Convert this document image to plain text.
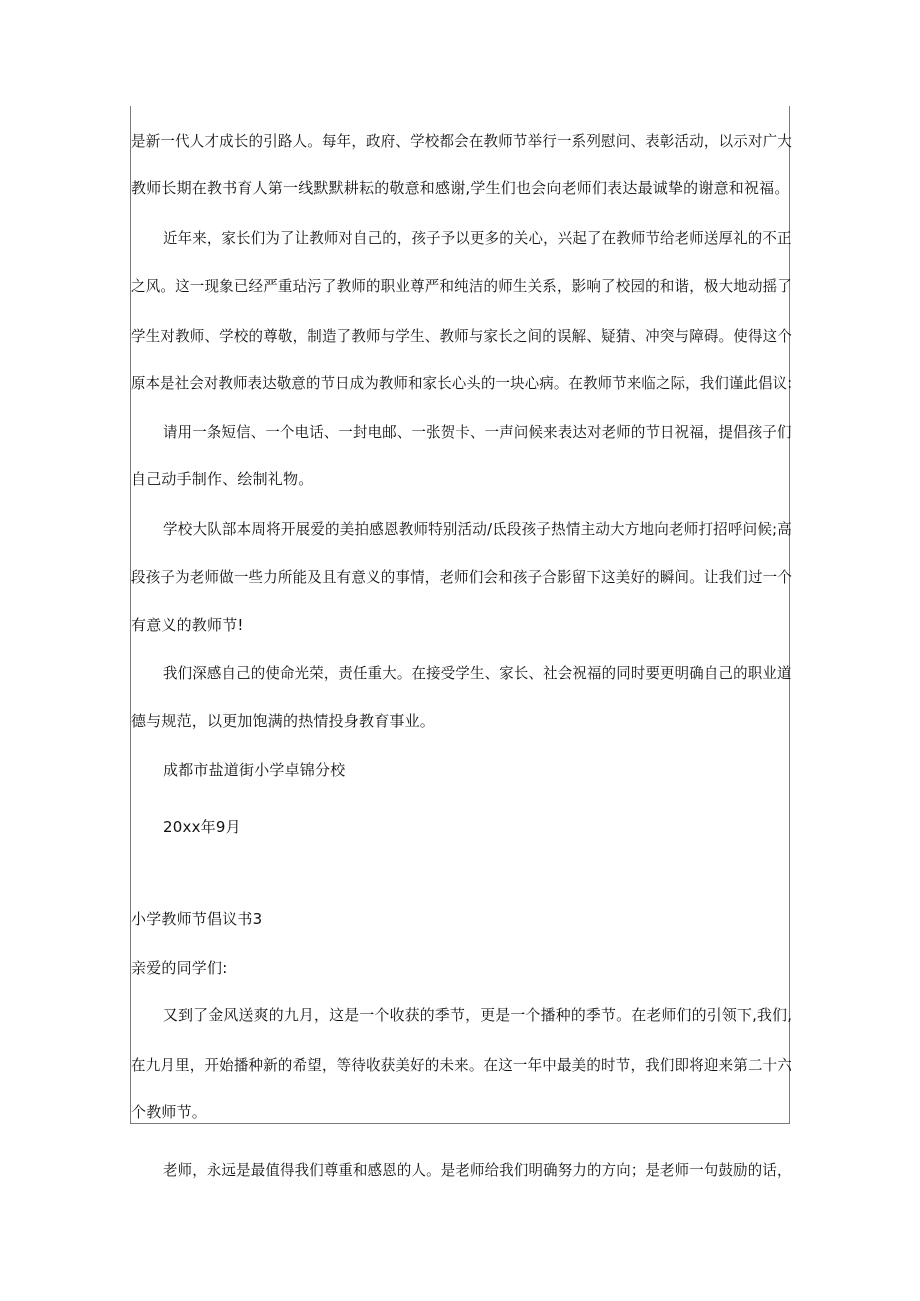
是新一代人才成长的引路人。每年，政府、学校都会在教师节举行一系列慰问、表彰活动，以示对广大
教师长期在教书育人第一线默默耕耘的敬意和感谢,学生们也会向老师们表达最诚挚的谢意和祝福。
近年来，家长们为了让教师对自己的，孩子予以更多的关心，兴起了在教师节给老师送厚礼的不正
之风。这一现象已经严重玷污了教师的职业尊严和纯洁的师生关系，影响了校园的和谐，极大地动摇了
学生对教师、学校的尊敬，制造了教师与学生、教师与家长之间的误解、疑猜、冲突与障碍。使得这个
原本是社会对教师表达敬意的节日成为教师和家长心头的一块心病。在教师节来临之际，我们谨此倡议:
请用一条短信、一个电话、一封电邮、一张贺卡、一声问候来表达对老师的节日祝福，提倡孩子们
自己动手制作、绘制礼物。
学校大队部本周将开展爱的美拍感恩教师特别活动/氐段孩子热情主动大方地向老师打招呼问候;高
段孩子为老师做一些力所能及且有意义的事情，老师们会和孩子合影留下这美好的瞬间。让我们过一个
有意义的教师节!
我们深感自己的使命光荣，责任重大。在接受学生、家长、社会祝福的同时要更明确自己的职业道
德与规范，以更加饱满的热情投身教育事业。
成都市盐道街小学卓锦分校
20xx年9月
小学教师节倡议书3
亲爱的同学们:
又到了金风送爽的九月，这是一个收获的季节，更是一个播种的季节。在老师们的引领下,我们,
在九月里，开始播种新的希望，等待收获美好的未来。在这一年中最美的时节，我们即将迎来第二十六
个教师节。
老师，永远是最值得我们尊重和感恩的人。是老师给我们明确努力的方向；是老师一句鼓励的话，
